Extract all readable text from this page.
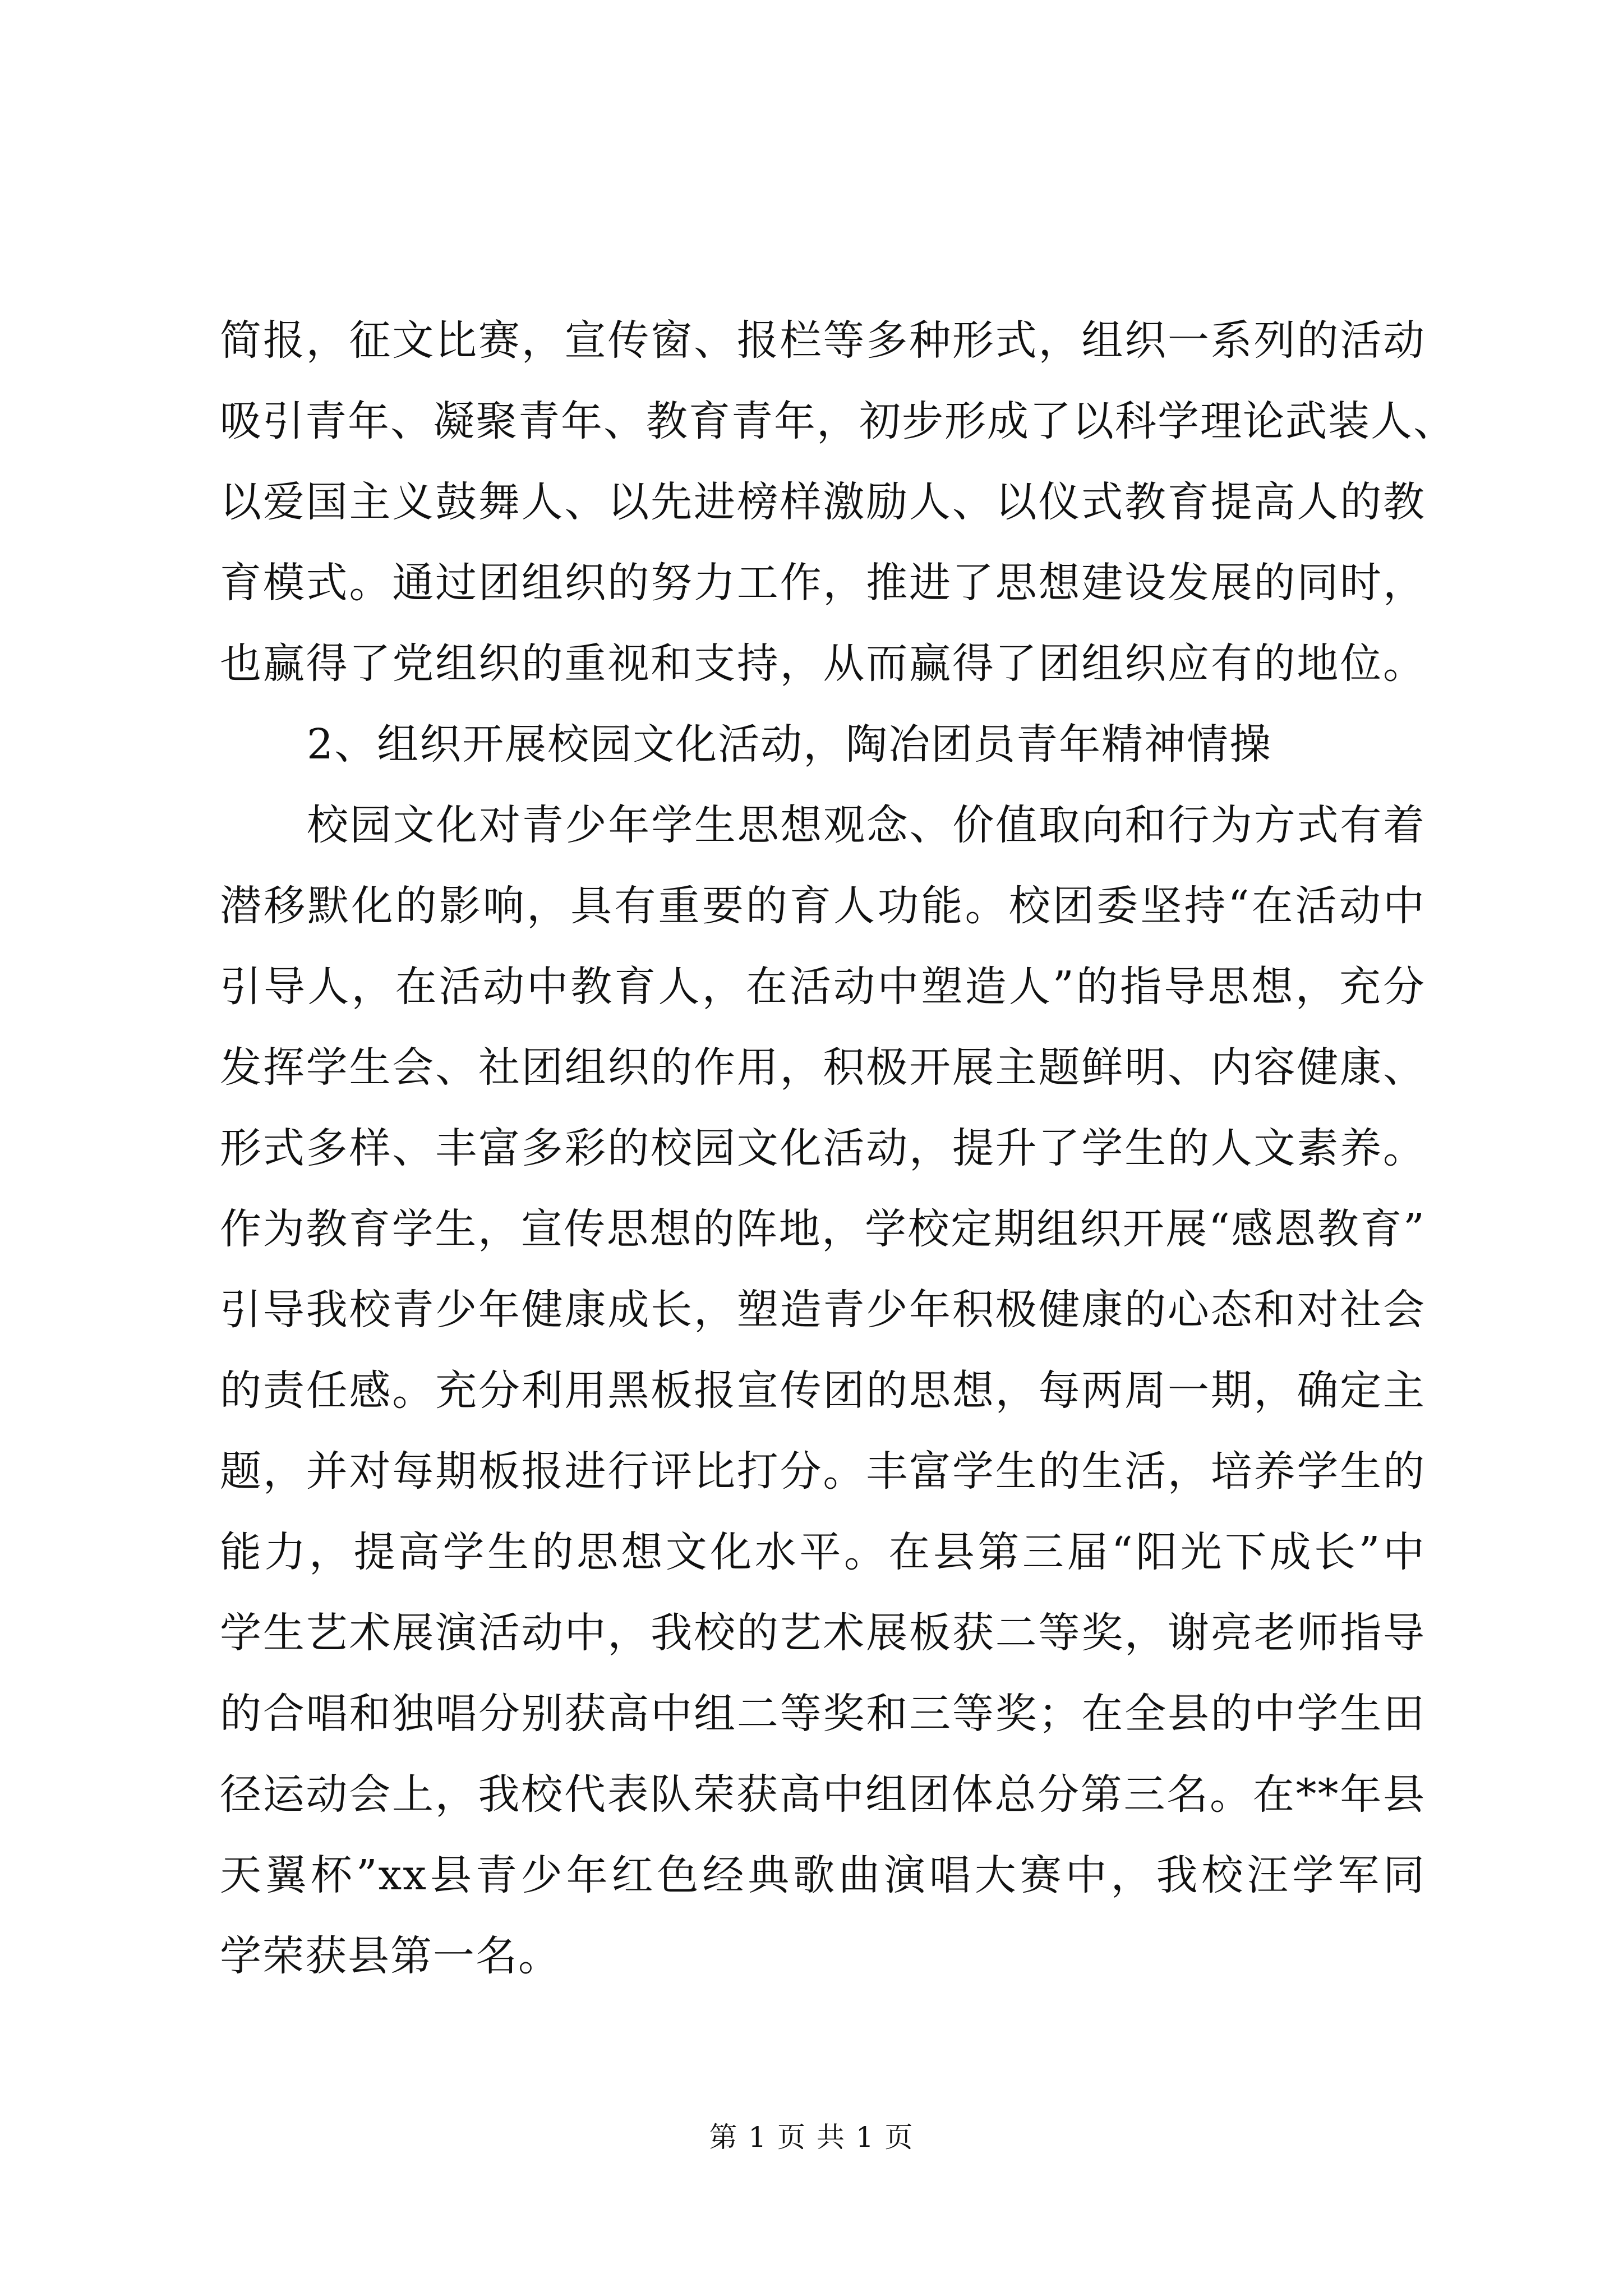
简报，征文比赛，宣传窗、报栏等多种形式，组织一系列的活动
吸引青年、凝聚青年、教育青年，初步形成了以科学理论武装人、
以爱国主义鼓舞人、以先进榜样激励人、以仪式教育提高人的教
育模式。通过团组织的努力工作，推进了思想建设发展的同时，
也赢得了党组织的重视和支持，从而赢得了团组织应有的地位。
2、组织开展校园文化活动，陶冶团员青年精神情操
校园文化对青少年学生思想观念、价值取向和行为方式有着
潜移默化的影响，具有重要的育人功能。校团委坚持“在活动中
引导人，在活动中教育人，在活动中塑造人”的指导思想，充分
发挥学生会、社团组织的作用，积极开展主题鲜明、内容健康、
形式多样、丰富多彩的校园文化活动，提升了学生的人文素养。
作为教育学生，宣传思想的阵地，学校定期组织开展“感恩教育”
引导我校青少年健康成长，塑造青少年积极健康的心态和对社会
的责任感。充分利用黑板报宣传团的思想，每两周一期，确定主
题，并对每期板报进行评比打分。丰富学生的生活，培养学生的
能力，提高学生的思想文化水平。在县第三届“阳光下成长”中
学生艺术展演活动中，我校的艺术展板获二等奖，谢亮老师指导
的合唱和独唱分别获高中组二等奖和三等奖；在全县的中学生田
径运动会上，我校代表队荣获高中组团体总分第三名。在**年县
天翼杯”xx县青少年红色经典歌曲演唱大赛中，我校汪学军同
学荣获县第一名。
第 1 页 共 1 页
